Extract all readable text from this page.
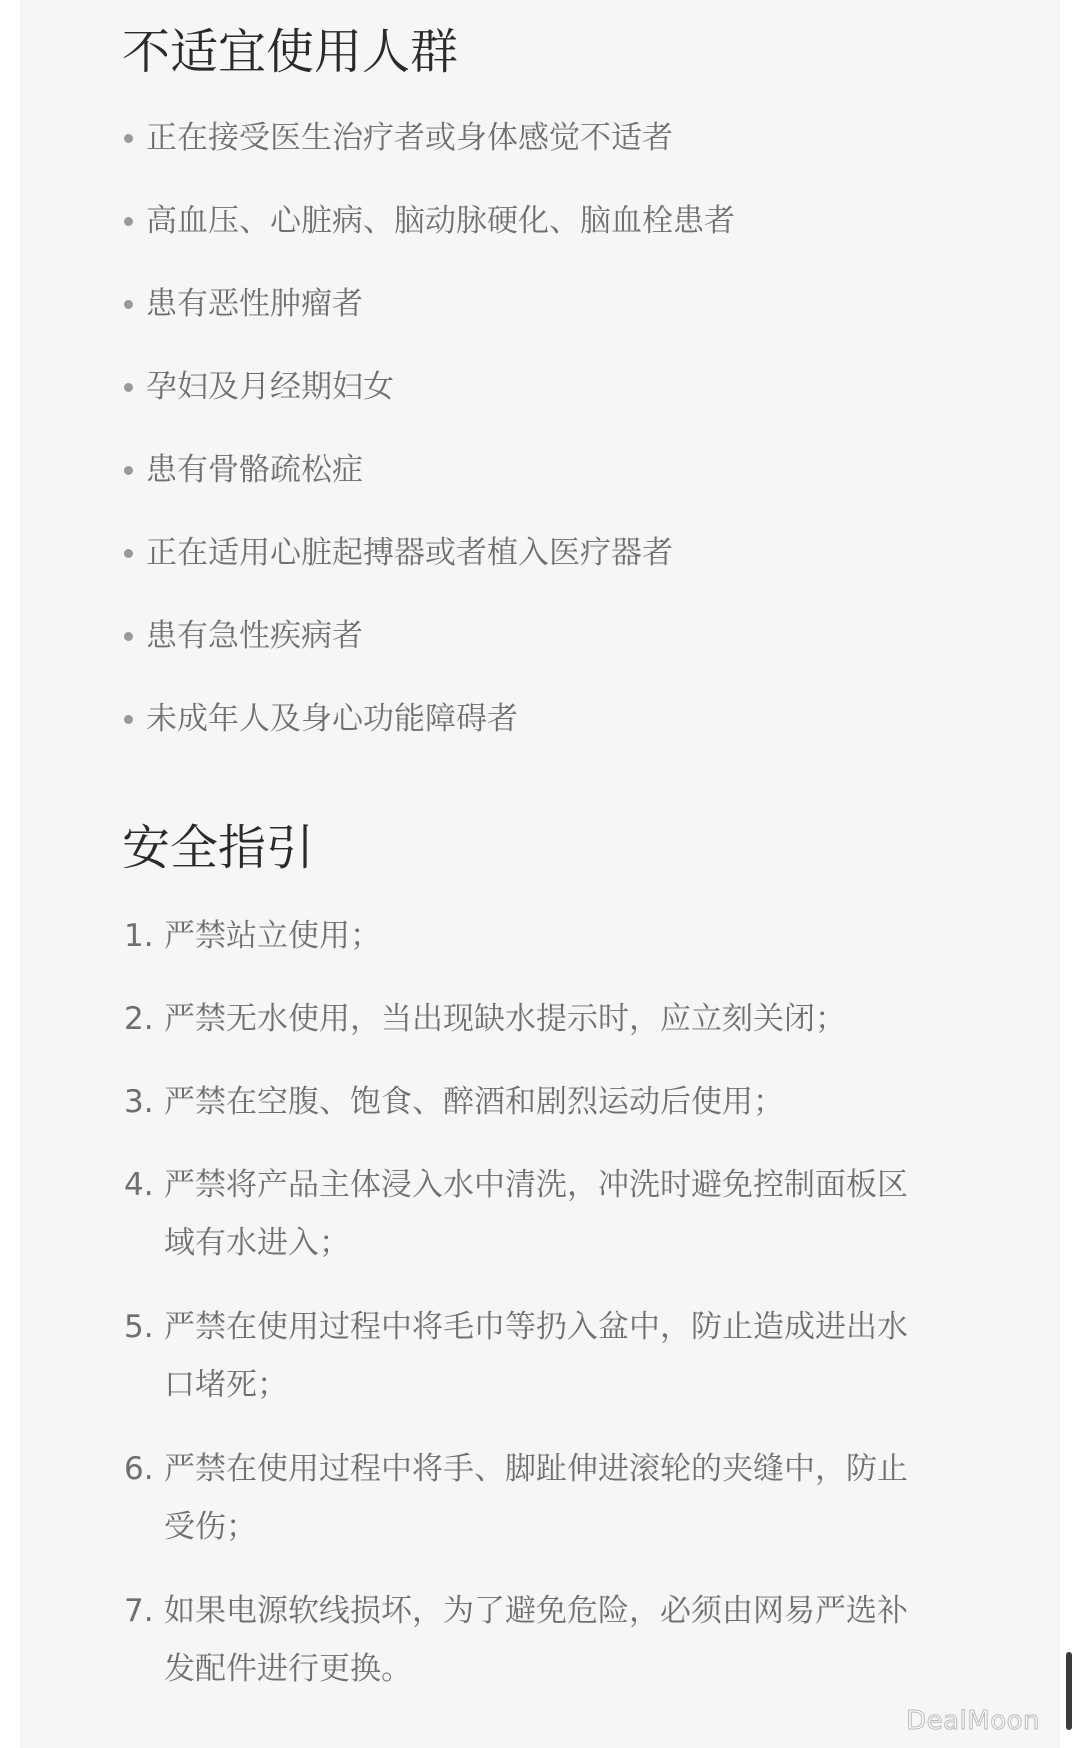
不适宜使用人群
正在接受医生治疗者或身体感觉不适者
高血压、心脏病、脑动脉硬化、脑血栓患者
患有恶性肿瘤者
孕妇及月经期妇女
患有骨骼疏松症
正在适用心脏起搏器或者植入医疗器者
患有急性疾病者
未成年人及身心功能障碍者
安全指引
1. 严禁站立使用；
2. 严禁无水使用，当出现缺水提示时，应立刻关闭；
3. 严禁在空腹、饱食、醉酒和剧烈运动后使用；
4. 严禁将产品主体浸入水中清洗，冲洗时避免控制面板区域有水进入；
5. 严禁在使用过程中将毛巾等扔入盆中，防止造成进出水口堵死；
6. 严禁在使用过程中将手、脚趾伸进滚轮的夹缝中，防止受伤；
7. 如果电源软线损坏，为了避免危险，必须由网易严选补发配件进行更换。
DealMoon
